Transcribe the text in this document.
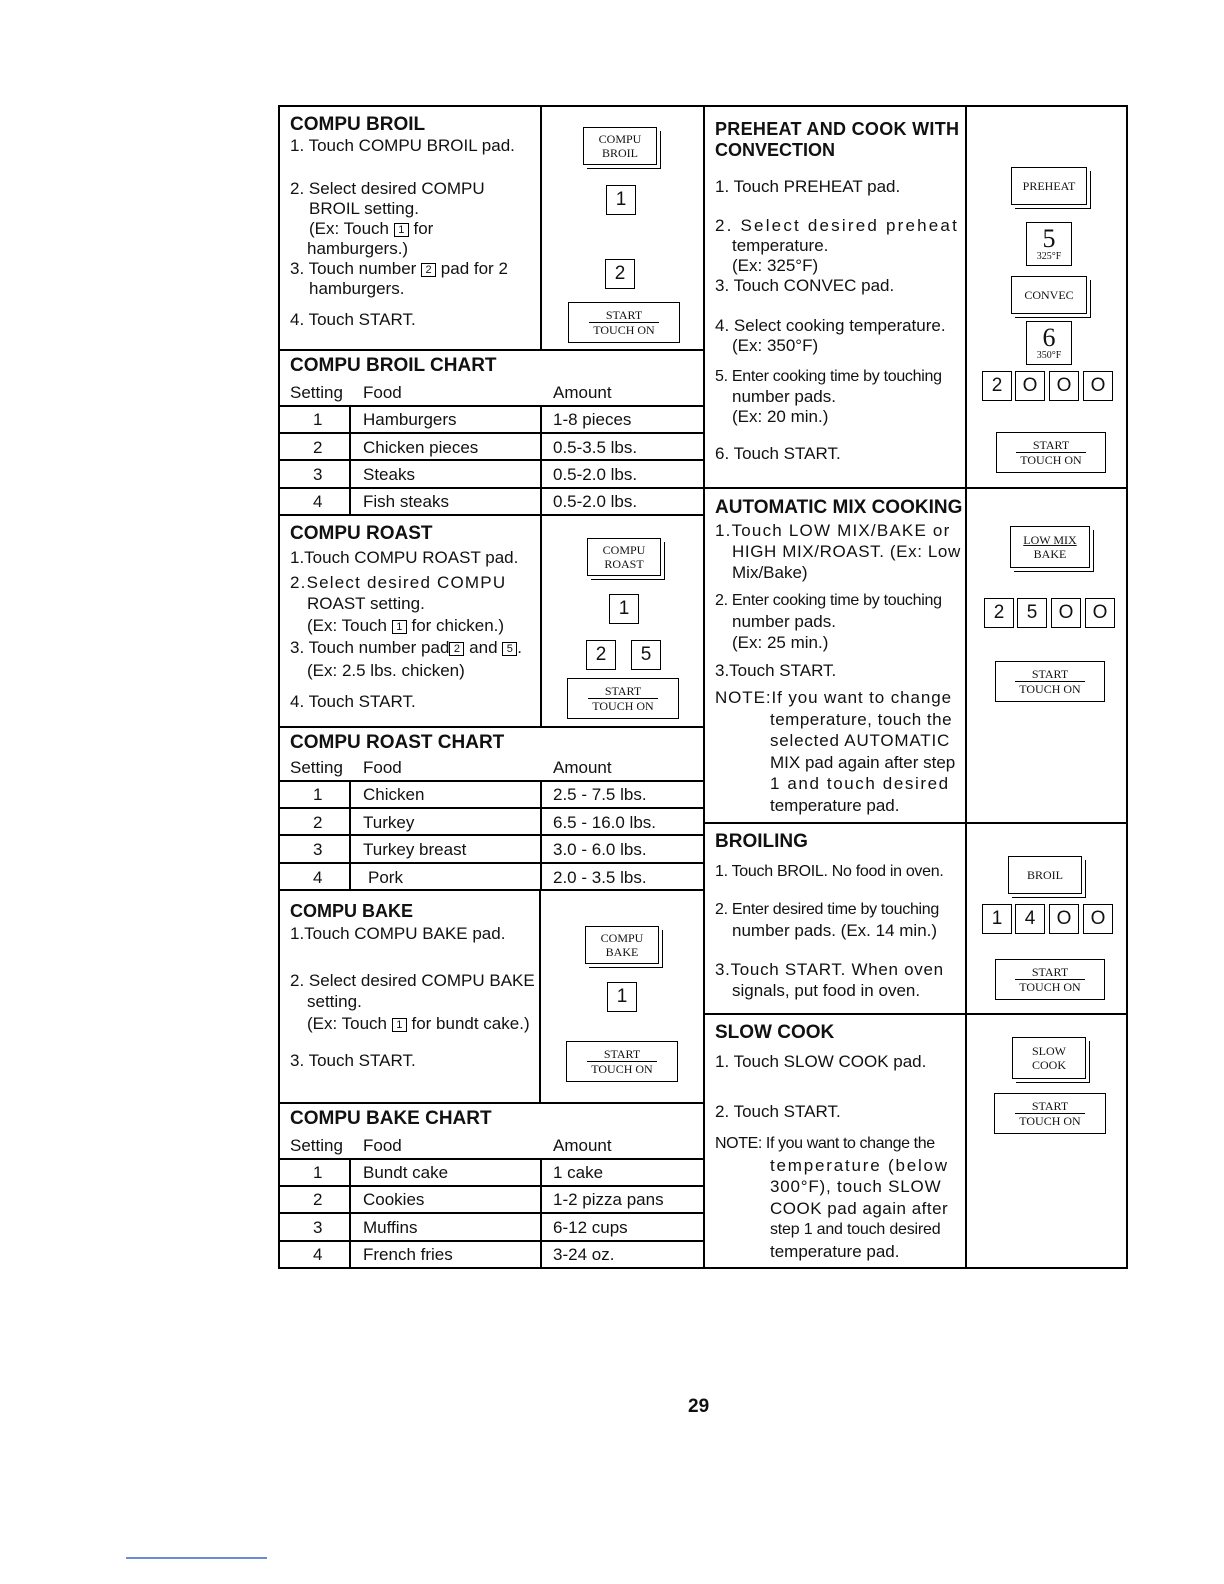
COMPU BROIL
1. Touch COMPU BROIL pad.
2. Select desired COMPU
BROIL setting.
(Ex: Touch 1 for
hamburgers.)
3. Touch number 2 pad for 2
hamburgers.
4. Touch START.
COMPU
BROIL
1
2
START
TOUCH ON
COMPU BROIL CHART
Setting Food	Amount
1 Hamburgers	1-8 pieces
2 Chicken pieces	0.5-3.5 lbs.
3 Steaks	0.5-2.0 lbs.
4 Fish steaks	0.5-2.0 lbs.
COMPU ROAST
1.Touch COMPU ROAST pad.
2.Select desired COMPU
ROAST setting.
(Ex: Touch 1 for chicken.)
3. Touch number pad 2 and 5 .
(Ex: 2.5 lbs. chicken)
4. Touch START.
COMPU
ROAST
1
2	5
START
TOUCH ON
COMPU ROAST CHART
Setting Food	Amount
1 Chicken	2.5 - 7.5 lbs.
2 Turkey	6.5 - 16.0 lbs.
3 Turkey breast	3.0 - 6.0 lbs.
4	Pork	2.0 - 3.5 lbs.
COMPU BAKE
1.Touch COMPU BAKE pad.
2. Select desired COMPU BAKE
setting.
(Ex: Touch 1 for bundt cake.)
3. Touch START.
COMPU
BAKE
1
START
TOUCH ON
COMPU BAKE CHART
Setting Food	Amount
1 Bundt cake	1 cake
2 Cookies	1-2 pizza pans
3 Muffins	6-12 cups
4 French fries	3-24 oz.
PREHEAT AND COOK WITH
CONVECTION
1. Touch PREHEAT pad.
2. Select desired preheat
temperature.
(Ex: 325°F)
3. Touch CONVEC pad.
4. Select cooking temperature.
(Ex: 350°F)
5. Enter cooking time by touching
number pads.
(Ex: 20 min.)
6. Touch START.
PREHEAT
5
325°F
CONVEC
6
350°F
2	O	O	O
START
TOUCH ON
AUTOMATIC MIX COOKING
1.Touch LOW MIX/BAKE or
HIGH MIX/ROAST. (Ex: Low
Mix/Bake)
2. Enter cooking time by touching
number pads.
(Ex: 25 min.)
3.Touch START.
NOTE:If you want to change
temperature, touch the
selected AUTOMATIC
MIX pad again after step
1 and touch desired
temperature pad.
LOW MIX
BAKE
2	5	O	O
START
TOUCH ON
BROILING
1. Touch BROIL. No food in oven.
2. Enter desired time by touching
number pads. (Ex. 14 min.)
3.Touch START. When oven
signals, put food in oven.
BROIL
1	4	O	O
START
TOUCH ON
SLOW COOK
1. Touch SLOW COOK pad.
2. Touch START.
NOTE: If you want to change the
temperature (below
300°F), touch SLOW
COOK pad again after
step 1 and touch desired
temperature pad.
SLOW
COOK
START
TOUCH ON
29
